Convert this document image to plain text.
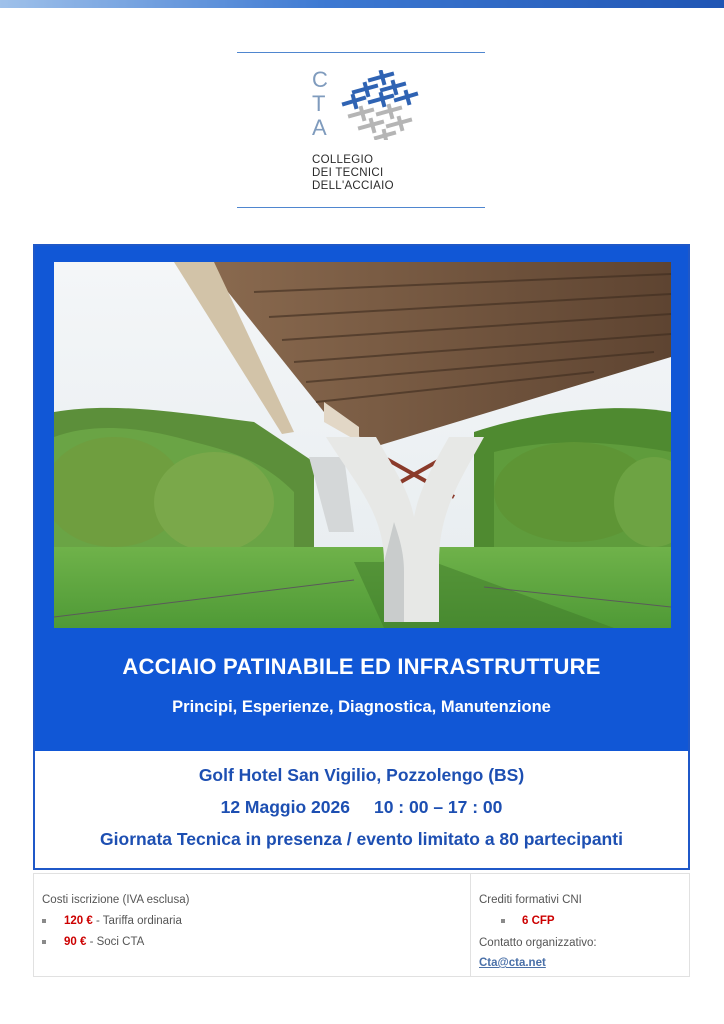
C
T
A
COLLEGIO
DEI TECNICI
DELL'ACCIAIO
ACCIAIO PATINABILE ED INFRASTRUTTURE
Principi, Esperienze, Diagnostica, Manutenzione
Golf Hotel San Vigilio, Pozzolengo (BS)
12 Maggio 2026 10 : 00 – 17 : 00
Giornata Tecnica in presenza / evento limitato a 80 partecipanti
Costi iscrizione (IVA esclusa)
120 € - Tariffa ordinaria
90 € - Soci CTA
Crediti formativi CNI
6 CFP
Contatto organizzativo:
Cta@cta.net
